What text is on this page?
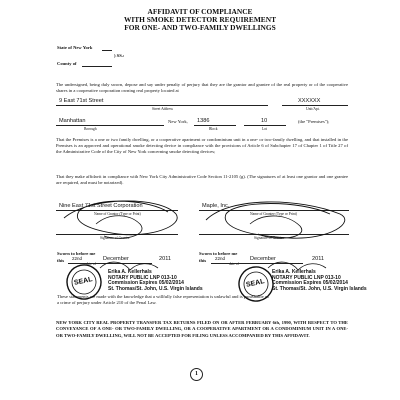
AFFIDAVIT OF COMPLIANCE
WITH SMOKE DETECTOR REQUIREMENT
FOR ONE- AND TWO-FAMILY DWELLINGS
State of New York
) SS.:
County of
The undersigned, being duly sworn, depose and say under penalty of perjury that they are the grantor and grantee of the real property or of the cooperative shares in a cooperative corporation owning real property located at
9 East 71st Street
Street Address
XXXXXX
Unit/Apt.
Manhattan
Borough
New York, 1386
Block
10
Lot
(the "Premises");
That the Premises is a one or two family dwelling, or a cooperative apartment or condominium unit in a one- or two-family dwelling, and that installed in the Premises is an approved and operational smoke detecting device in compliance with the provisions of Article 6 of Subchapter 17 of Chapter 1 of Title 27 of the Administrative Code of the City of New York concerning smoke detecting devices;
That they make affidavit in compliance with New York City Administrative Code Section 11-2105 (g). (The signatures of at least one grantor and one grantee are required, and must be notarized).
Nine East 71st Street Corporation
Name of Grantor (Type or Print)
Signature of Grantor
Maple, Inc.
Name of Grantee (Type or Print)
Signature of Grantee
Sworn to before me
this 22nd
date of
December	2011
Sworn to before me
this 22nd
date of
December	2011
Erika A. Kellerhals
NOTARY PUBLIC LNP 013-10
Commission Expires 05/02/2014
St. Thomas/St. John, U.S. Virgin Islands
Erika A. Kellerhals
NOTARY PUBLIC LNP 013-10
Commission Expires 05/02/2014
St. Thomas/St. John, U.S. Virgin Islands
These statements are made with the knowledge that a willfully false representation is unlawful and is punishable as
a crime of perjury under Article 210 of the Penal Law.
NEW YORK CITY REAL PROPERTY TRANSFER TAX RETURNS FILED ON OR AFTER FEBRUARY 6th, 1990, WITH RESPECT TO THE CONVEYANCE OF A ONE- OR TWO-FAMILY DWELLING, OR A COOPERATIVE APARTMENT OR A CONDOMINIUM UNIT IN A ONE- OR TWO-FAMILY DWELLING, WILL NOT BE ACCEPTED FOR FILING UNLESS ACCOMPANIED BY THIS AFFIDAVIT.
1
SEAL	SEAL
